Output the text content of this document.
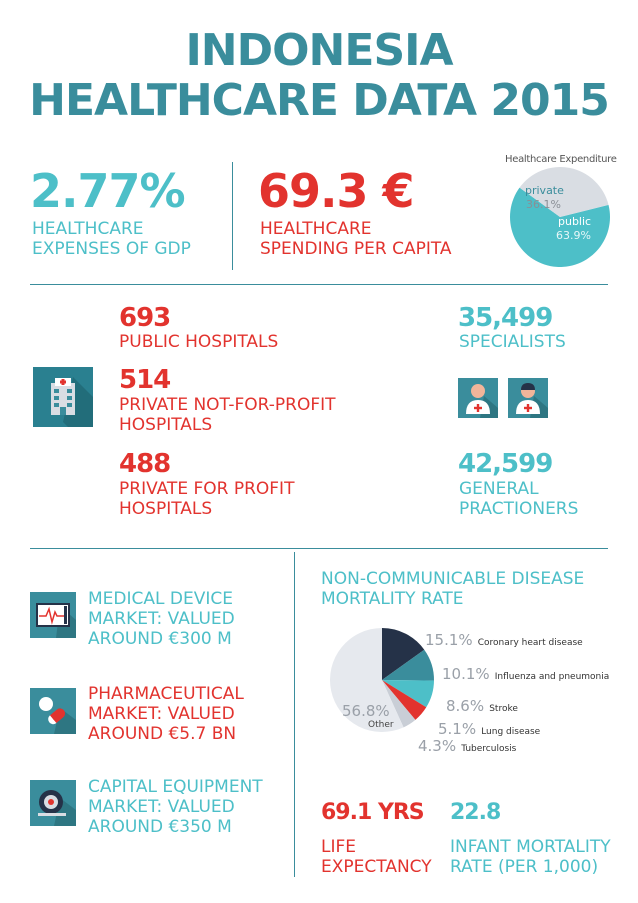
INDONESIA
HEALTHCARE DATA 2015
2.77%
HEALTHCARE
EXPENSES OF GDP
69.3 €
HEALTHCARE
SPENDING PER CAPITA
Healthcare Expenditure
private
36.1%
public
63.9%
693
PUBLIC HOSPITALS
514
PRIVATE NOT-FOR-PROFIT
HOSPITALS
488
PRIVATE FOR PROFIT
HOSPITALS
35,499
SPECIALISTS
42,599
GENERAL
PRACTIONERS
MEDICAL DEVICE
MARKET: VALUED
AROUND €300 M
PHARMACEUTICAL
MARKET: VALUED
AROUND €5.7 BN
CAPITAL EQUIPMENT
MARKET: VALUED
AROUND €350 M
NON-COMMUNICABLE DISEASE
MORTALITY RATE
56.8%
Other
15.1% Coronary heart disease
10.1% Influenza and pneumonia
8.6% Stroke
5.1% Lung disease
4.3% Tuberculosis
69.1 YRS
LIFE
EXPECTANCY
22.8
INFANT MORTALITY
RATE (PER 1,000)
